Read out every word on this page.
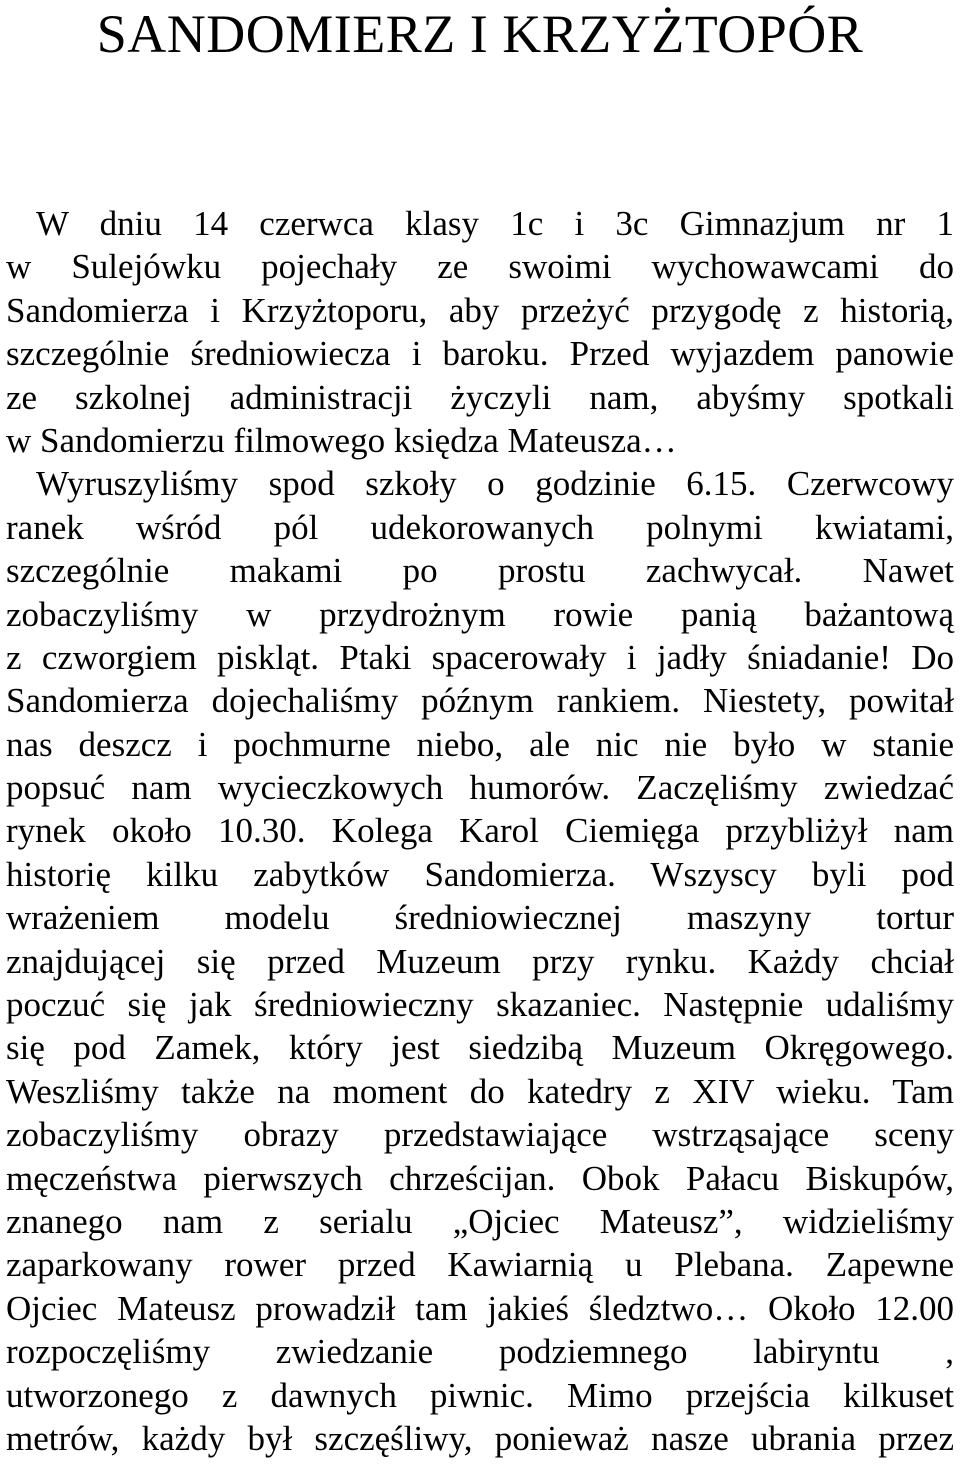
SANDOMIERZ I KRZYŻTOPÓR
W dniu 14 czerwca klasy 1c i 3c Gimnazjum nr 1
w Sulejówku pojechały ze swoimi wychowawcami do
Sandomierza i Krzyżtoporu, aby przeżyć przygodę z historią,
szczególnie średniowiecza i baroku. Przed wyjazdem panowie
ze szkolnej administracji życzyli nam, abyśmy spotkali
w Sandomierzu filmowego księdza Mateusza…
Wyruszyliśmy spod szkoły o godzinie 6.15. Czerwcowy
ranek wśród pól udekorowanych polnymi kwiatami,
szczególnie makami po prostu zachwycał. Nawet
zobaczyliśmy w przydrożnym rowie panią bażantową
z czworgiem piskląt. Ptaki spacerowały i jadły śniadanie! Do
Sandomierza dojechaliśmy późnym rankiem. Niestety, powitał
nas deszcz i pochmurne niebo, ale nic nie było w stanie
popsuć nam wycieczkowych humorów. Zaczęliśmy zwiedzać
rynek około 10.30. Kolega Karol Ciemięga przybliżył nam
historię kilku zabytków Sandomierza. Wszyscy byli pod
wrażeniem modelu średniowiecznej maszyny tortur
znajdującej się przed Muzeum przy rynku. Każdy chciał
poczuć się jak średniowieczny skazaniec. Następnie udaliśmy
się pod Zamek, który jest siedzibą Muzeum Okręgowego.
Weszliśmy także na moment do katedry z XIV wieku. Tam
zobaczyliśmy obrazy przedstawiające wstrząsające sceny
męczeństwa pierwszych chrześcijan. Obok Pałacu Biskupów,
znanego nam z serialu „Ojciec Mateusz”, widzieliśmy
zaparkowany rower przed Kawiarnią u Plebana. Zapewne
Ojciec Mateusz prowadził tam jakieś śledztwo… Około 12.00
rozpoczęliśmy zwiedzanie podziemnego labiryntu ,
utworzonego z dawnych piwnic. Mimo przejścia kilkuset
metrów, każdy był szczęśliwy, ponieważ nasze ubrania przez
